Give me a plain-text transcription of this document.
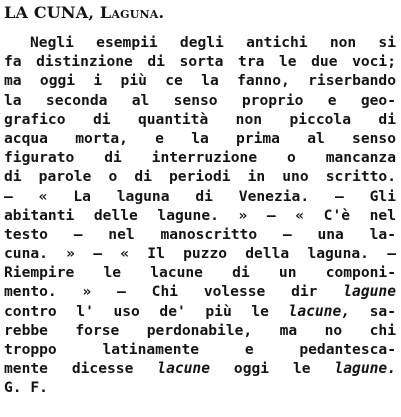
LA CUNA, Laguna.
Negli esempii degli antichi non si
fa distinzione di sorta tra le due voci;
ma oggi i più ce la fanno, riserbando
la seconda al senso proprio e geo-
grafico di quantità non piccola di
acqua morta, e la prima al senso
figurato di interruzione o mancanza
di parole o di periodi in uno scritto.
— « La laguna di Venezia. — Gli
abitanti delle lagune. » — « C'è nel
testo — nel manoscritto — una la-
cuna. » — « Il puzzo della laguna. —
Riempire le lacune di un componi-
mento. » — Chi volesse dir lagune
contro l' uso de' più le lacune, sa-
rebbe forse perdonabile, ma no chi
troppo latinamente e pedantesca-
mente dicesse lacune oggi le lagune.
G. F.
